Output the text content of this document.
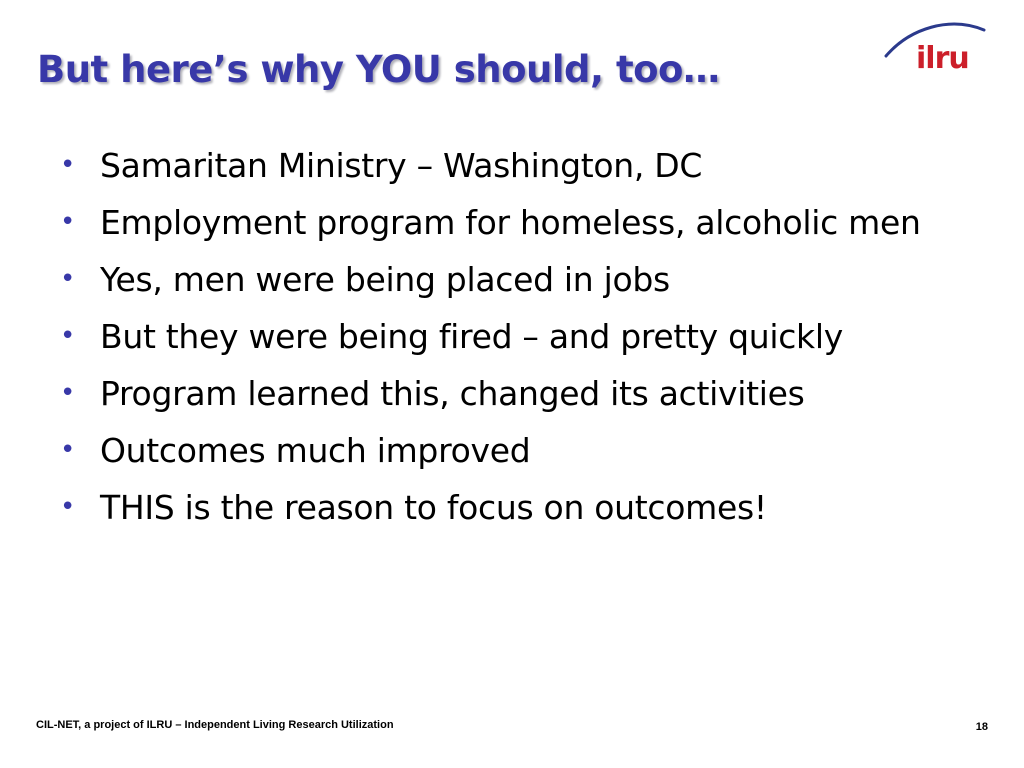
But here’s why YOU should, too…	ilru
• Samaritan Ministry – Washington, DC
• Employment program for homeless, alcoholic men
• Yes, men were being placed in jobs
• But they were being fired – and pretty quickly
• Program learned this, changed its activities
• Outcomes much improved
• THIS is the reason to focus on outcomes!
CIL-NET, a project of ILRU – Independent Living Research Utilization	18
